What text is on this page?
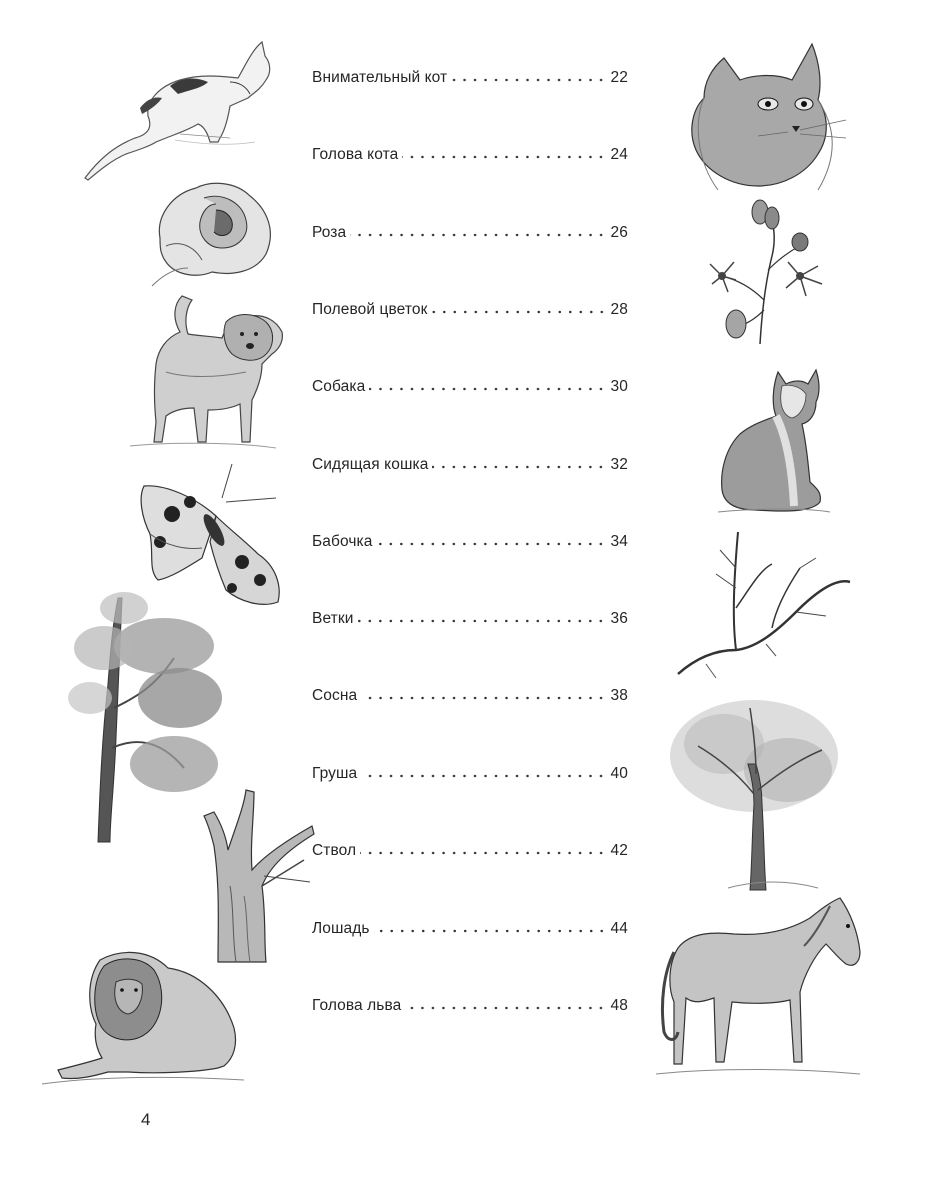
Внимательный кот	22
Голова кота	24
Роза	26
Полевой цветок	28
Собака	30
Сидящая кошка	32
Бабочка	34
Ветки	36
Сосна	38
Груша	40
Ствол	42
Лошадь	44
Голова льва	48
4
